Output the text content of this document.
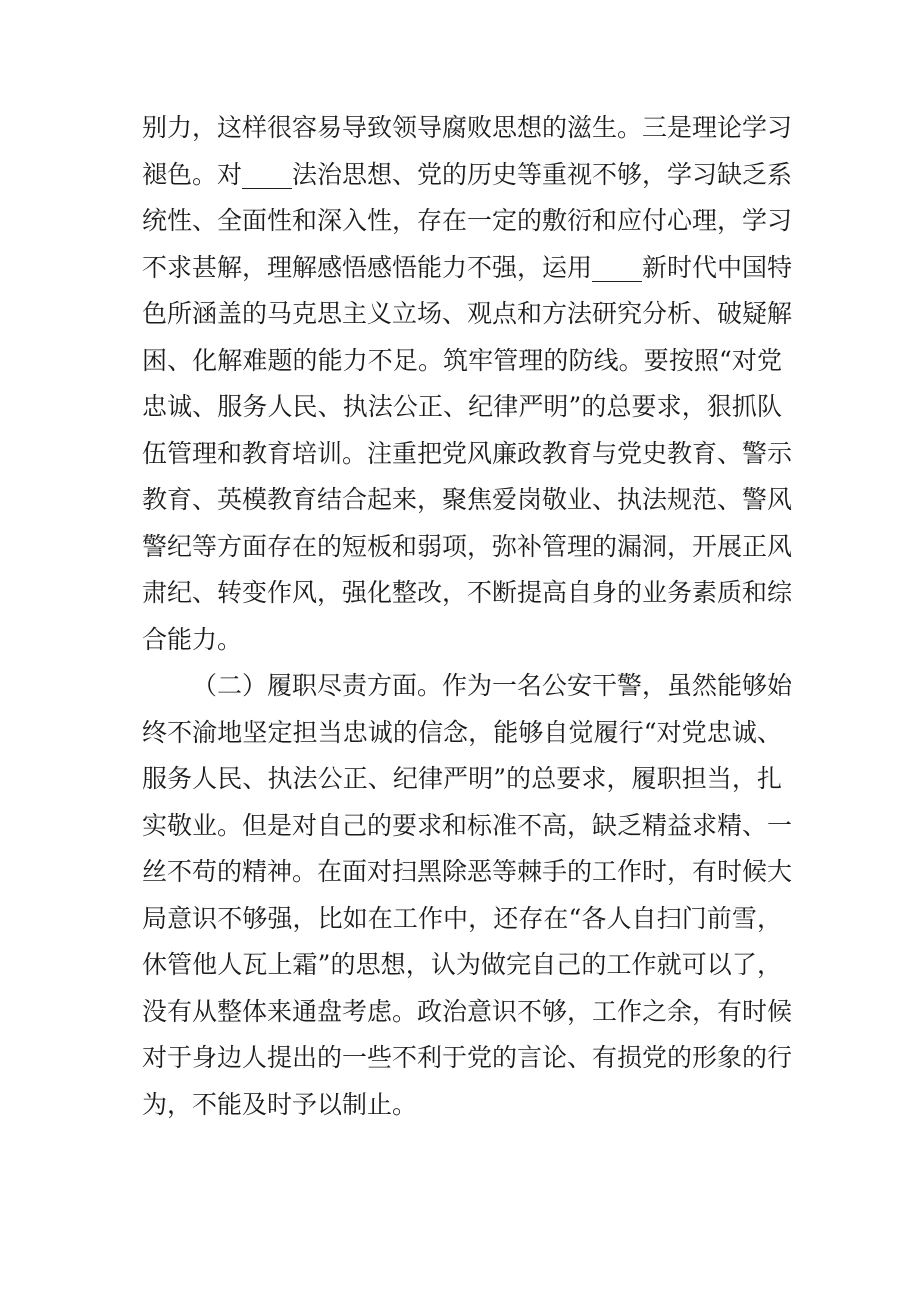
别力，这样很容易导致领导腐败思想的滋生。三是理论学习
褪色。对____法治思想、党的历史等重视不够，学习缺乏系
统性、全面性和深入性，存在一定的敷衍和应付心理，学习
不求甚解，理解感悟感悟能力不强，运用____新时代中国特
色所涵盖的马克思主义立场、观点和方法研究分析、破疑解
困、化解难题的能力不足。筑牢管理的防线。要按照“对党
忠诚、服务人民、执法公正、纪律严明”的总要求，狠抓队
伍管理和教育培训。注重把党风廉政教育与党史教育、警示
教育、英模教育结合起来，聚焦爱岗敬业、执法规范、警风
警纪等方面存在的短板和弱项，弥补管理的漏洞，开展正风
肃纪、转变作风，强化整改，不断提高自身的业务素质和综
合能力。
（二）履职尽责方面。作为一名公安干警，虽然能够始
终不渝地坚定担当忠诚的信念，能够自觉履行“对党忠诚、
服务人民、执法公正、纪律严明”的总要求，履职担当，扎
实敬业。但是对自己的要求和标准不高，缺乏精益求精、一
丝不苟的精神。在面对扫黑除恶等棘手的工作时，有时候大
局意识不够强，比如在工作中，还存在“各人自扫门前雪，
休管他人瓦上霜”的思想，认为做完自己的工作就可以了，
没有从整体来通盘考虑。政治意识不够，工作之余，有时候
对于身边人提出的一些不利于党的言论、有损党的形象的行
为，不能及时予以制止。
